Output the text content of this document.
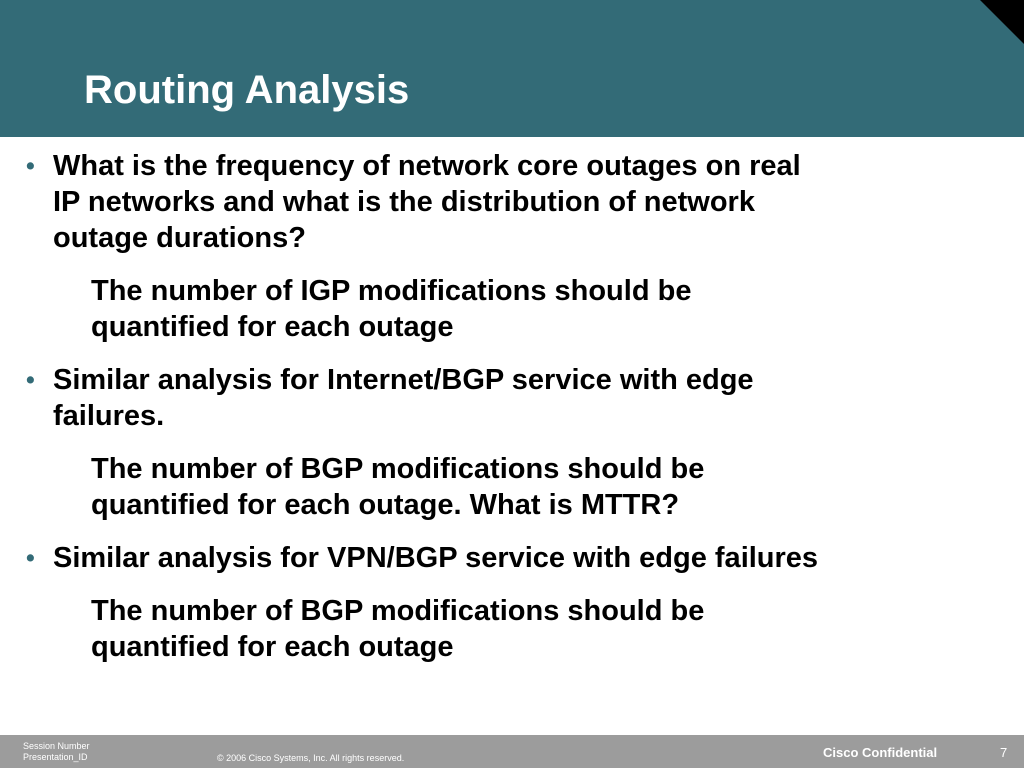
Routing Analysis
• What is the frequency of network core outages on real
IP networks and what is the distribution of network
outage durations?
The number of IGP modifications should be
quantified for each outage
• Similar analysis for Internet/BGP service with edge
failures.
The number of BGP modifications should be
quantified for each outage. What is MTTR?
• Similar analysis for VPN/BGP service with edge failures
The number of BGP modifications should be
quantified for each outage
Session Number
Presentation_ID	© 2006 Cisco Systems, Inc. All rights reserved.	Cisco Confidential	7
